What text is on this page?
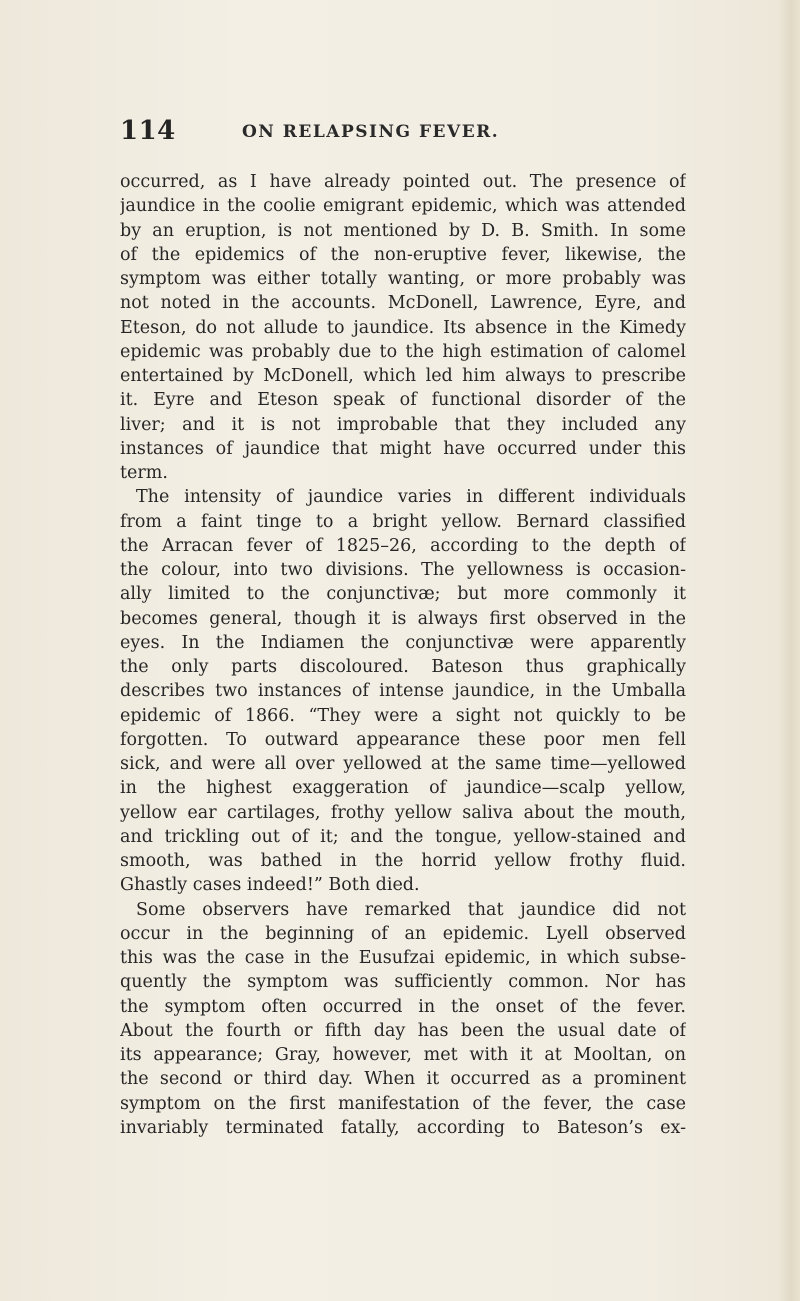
114	ON RELAPSING FEVER.
occurred, as I have already pointed out. The presence of
jaundice in the coolie emigrant epidemic, which was attended
by an eruption, is not mentioned by D. B. Smith. In some
of the epidemics of the non-eruptive fever, likewise, the
symptom was either totally wanting, or more probably was
not noted in the accounts. McDonell, Lawrence, Eyre, and
Eteson, do not allude to jaundice. Its absence in the Kimedy
epidemic was probably due to the high estimation of calomel
entertained by McDonell, which led him always to prescribe
it. Eyre and Eteson speak of functional disorder of the
liver; and it is not improbable that they included any
instances of jaundice that might have occurred under this
term.
The intensity of jaundice varies in different individuals
from a faint tinge to a bright yellow. Bernard classified
the Arracan fever of 1825–26, according to the depth of
the colour, into two divisions. The yellowness is occasion-
ally limited to the conjunctivæ; but more commonly it
becomes general, though it is always first observed in the
eyes. In the Indiamen the conjunctivæ were apparently
the only parts discoloured. Bateson thus graphically
describes two instances of intense jaundice, in the Umballa
epidemic of 1866. “They were a sight not quickly to be
forgotten. To outward appearance these poor men fell
sick, and were all over yellowed at the same time—yellowed
in the highest exaggeration of jaundice—scalp yellow,
yellow ear cartilages, frothy yellow saliva about the mouth,
and trickling out of it; and the tongue, yellow-stained and
smooth, was bathed in the horrid yellow frothy fluid.
Ghastly cases indeed!” Both died.
Some observers have remarked that jaundice did not
occur in the beginning of an epidemic. Lyell observed
this was the case in the Eusufzai epidemic, in which subse-
quently the symptom was sufficiently common. Nor has
the symptom often occurred in the onset of the fever.
About the fourth or fifth day has been the usual date of
its appearance; Gray, however, met with it at Mooltan, on
the second or third day. When it occurred as a prominent
symptom on the first manifestation of the fever, the case
invariably terminated fatally, according to Bateson’s ex-
